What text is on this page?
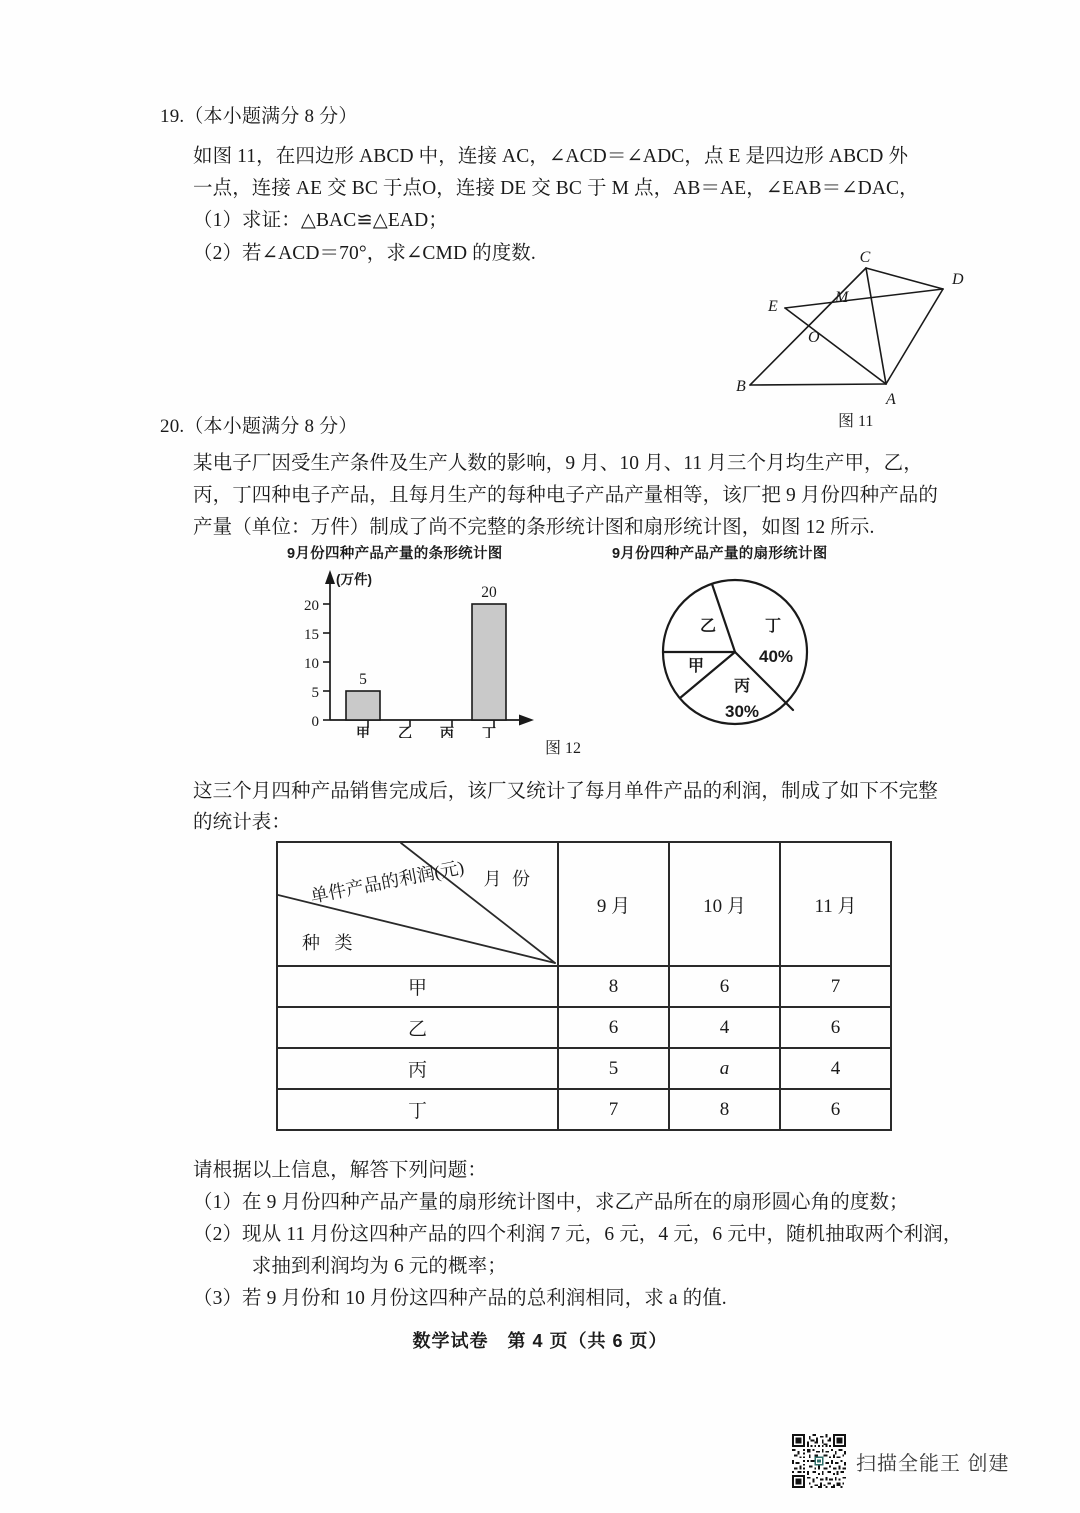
19.（本小题满分 8 分）
如图 11，在四边形 ABCD 中，连接 AC，∠ACD＝∠ADC，点 E 是四边形 ABCD 外
一点，连接 AE 交 BC 于点O，连接 DE 交 BC 于 M 点，AB＝AE，∠EAB＝∠DAC，
（1）求证：△BAC≌△EAD；
（2）若∠ACD＝70°，求∠CMD 的度数.	C
D
E
M
O
B
A
图 11
20.（本小题满分 8 分）
某电子厂因受生产条件及生产人数的影响，9 月、10 月、11 月三个月均生产甲，乙，
丙，丁四种电子产品，且每月生产的每种电子产品产量相等，该厂把 9 月份四种产品的
产量（单位：万件）制成了尚不完整的条形统计图和扇形统计图，如图 12 所示.
9月份四种产品产量的条形统计图
0
5
10
15
20
(万件)
5
20
甲 乙 丙 丁
图 12
9月份四种产品产量的扇形统计图
丁
乙
甲
丙
40%
30%
这三个月四种产品销售完成后，该厂又统计了每月单件产品的利润，制成了如下不完整
的统计表：
月 份
单件产品的利润(元)
种 类
9 月	10 月	11 月
甲	8	6	7
乙	6	4	6
丙	5	a	4
丁	7	8	6
请根据以上信息，解答下列问题：
（1）在 9 月份四种产品产量的扇形统计图中，求乙产品所在的扇形圆心角的度数；
（2）现从 11 月份这四种产品的四个利润 7 元，6 元，4 元，6 元中，随机抽取两个利润，
　　　求抽到利润均为 6 元的概率；
（3）若 9 月份和 10 月份这四种产品的总利润相同，求 a 的值.
数学试卷　第 4 页（共 6 页）
扫描全能王 创建
